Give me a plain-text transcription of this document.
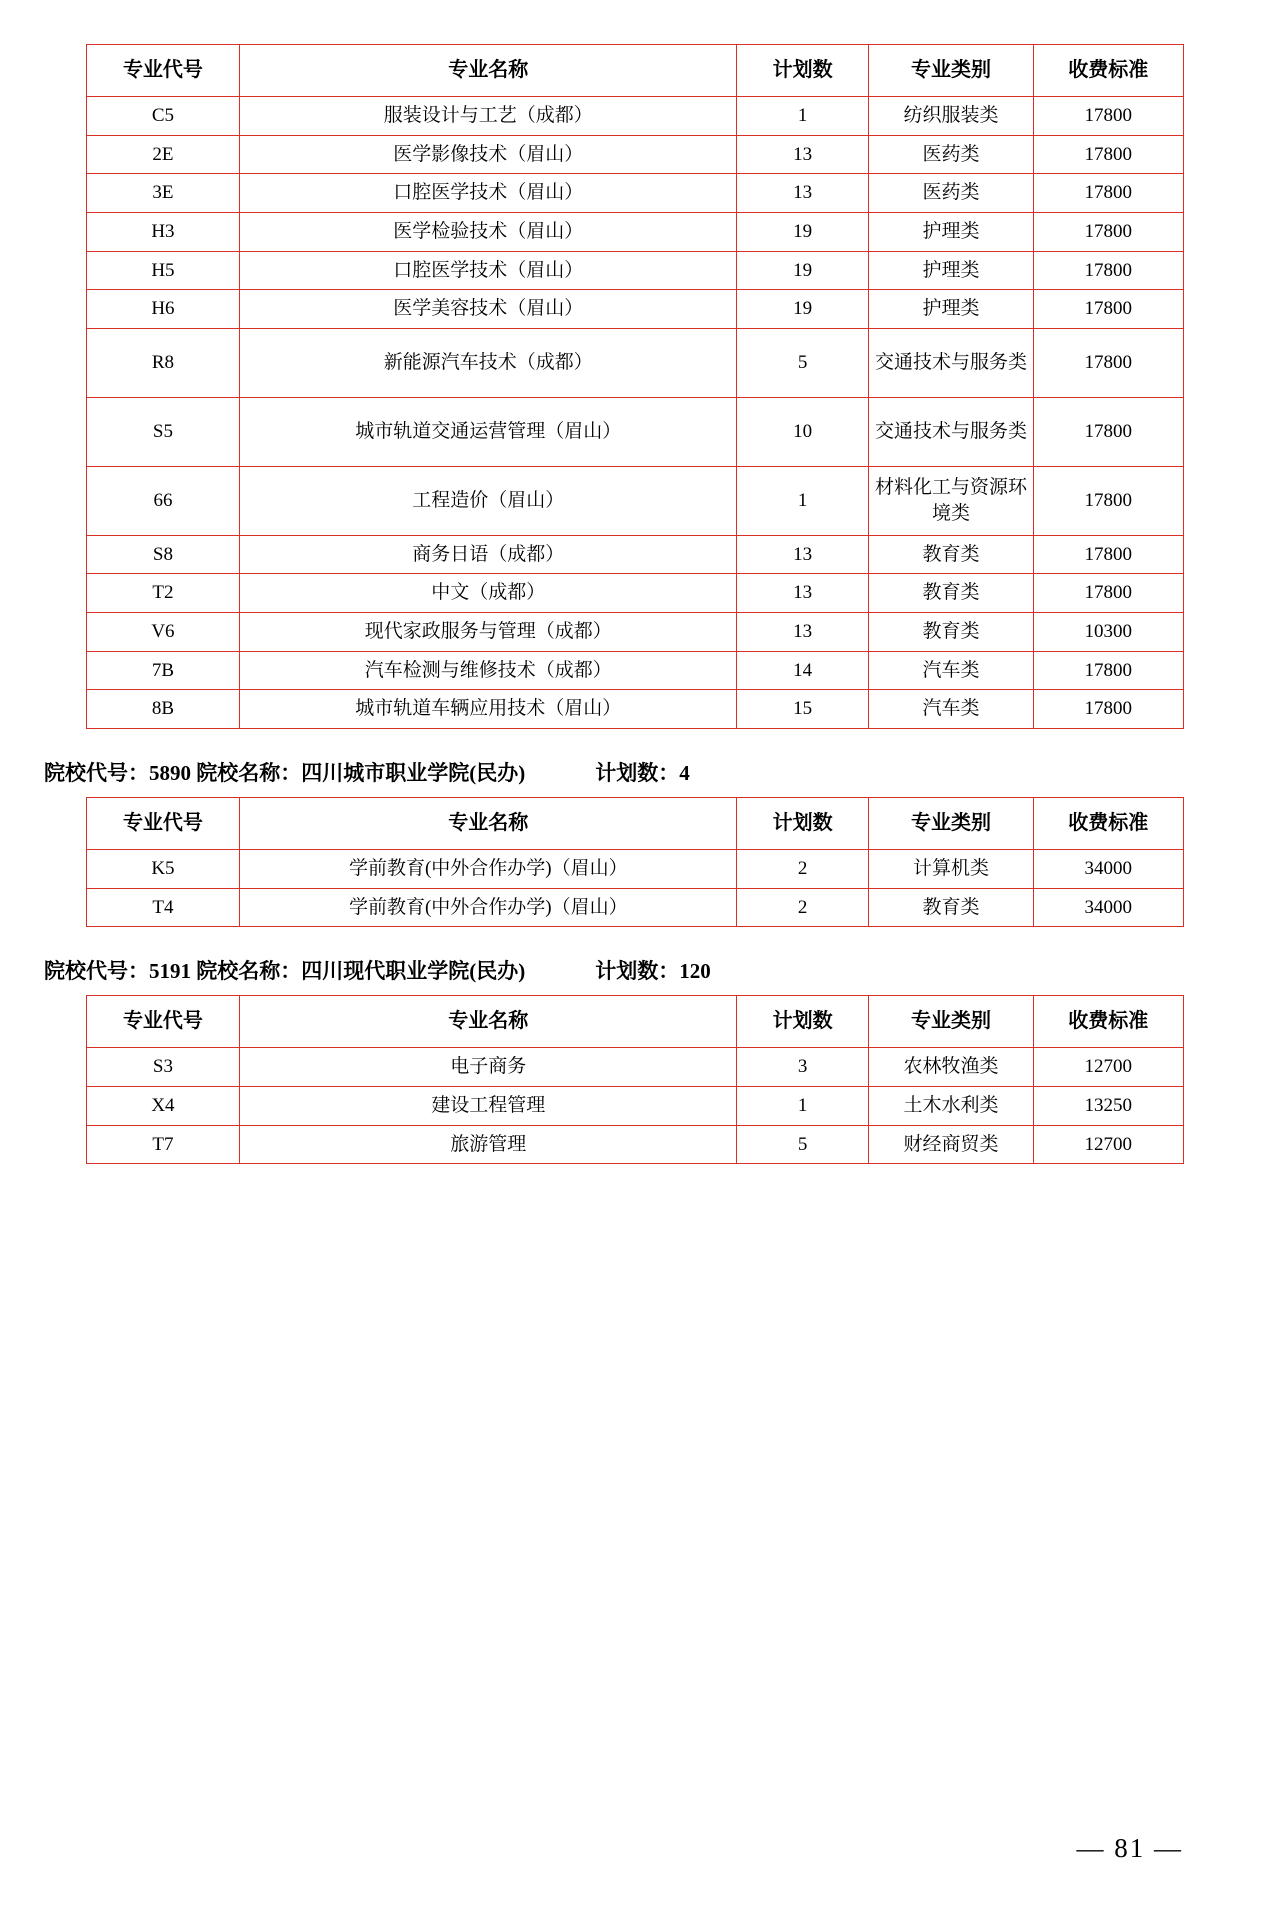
专业代号	专业名称	计划数	专业类别	收费标准
C5	服装设计与工艺（成都）	1	纺织服装类	17800
2E	医学影像技术（眉山）	13	医药类	17800
3E	口腔医学技术（眉山）	13	医药类	17800
H3	医学检验技术（眉山）	19	护理类	17800
H5	口腔医学技术（眉山）	19	护理类	17800
H6	医学美容技术（眉山）	19	护理类	17800
R8	新能源汽车技术（成都）	5	交通技术与服务类	17800
S5	城市轨道交通运营管理（眉山）	10	交通技术与服务类	17800
66	工程造价（眉山）	1	材料化工与资源环境类	17800
S8	商务日语（成都）	13	教育类	17800
T2	中文（成都）	13	教育类	17800
V6	现代家政服务与管理（成都）	13	教育类	10300
7B	汽车检测与维修技术（成都）	14	汽车类	17800
8B	城市轨道车辆应用技术（眉山）	15	汽车类	17800
院校代号：5890 院校名称：四川城市职业学院(民办)	计划数：4
专业代号	专业名称	计划数	专业类别	收费标准
K5	学前教育(中外合作办学)（眉山）	2	计算机类	34000
T4	学前教育(中外合作办学)（眉山）	2	教育类	34000
院校代号：5191 院校名称：四川现代职业学院(民办)	计划数：120
专业代号	专业名称	计划数	专业类别	收费标准
S3	电子商务	3	农林牧渔类	12700
X4	建设工程管理	1	土木水利类	13250
T7	旅游管理	5	财经商贸类	12700
— 81 —
